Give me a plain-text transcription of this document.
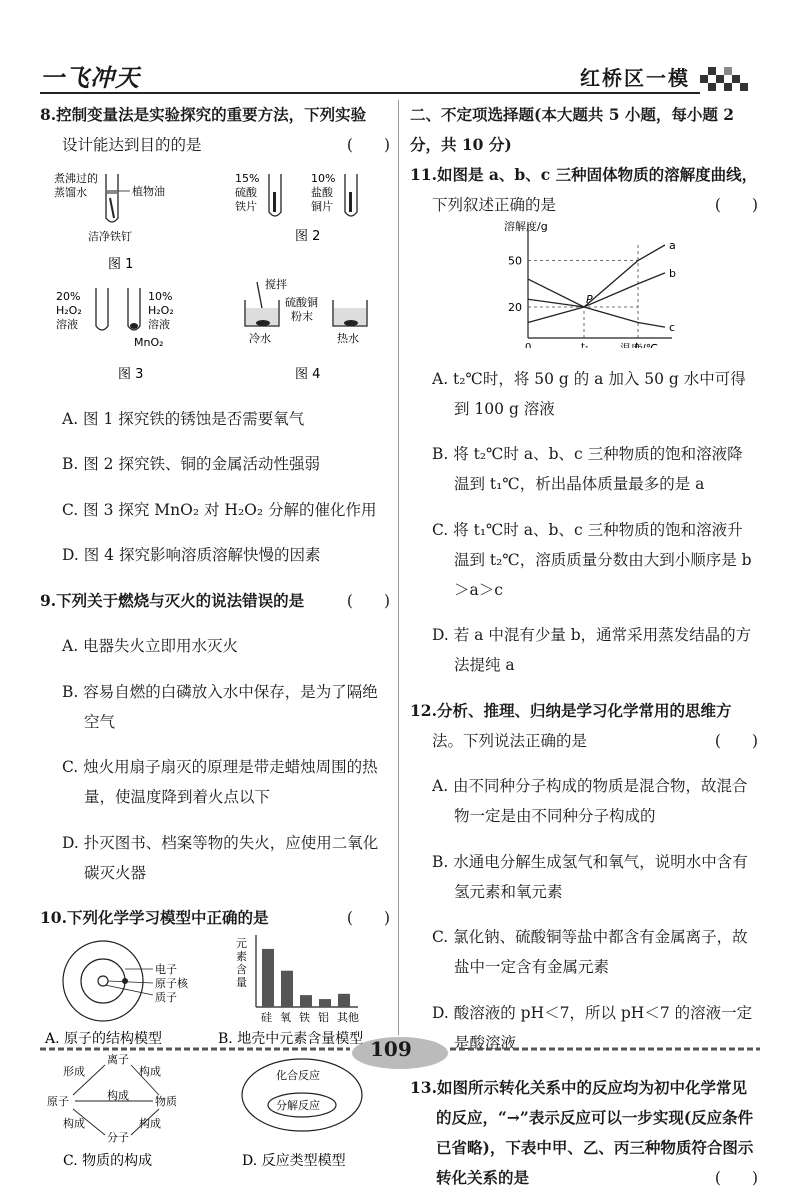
一飞冲天	红桥区一模

8.控制变量法是实验探究的重要方法，下列实验

设计能达到目的的是	(　　)

煮沸过的
蒸馏水	植物油
洁净铁钉
图 1
15%
硫酸
铁片
10%
盐酸
铜片
图 2
20%
H₂O₂
溶液
10%
H₂O₂
溶液
MnO₂
图 3
搅拌
硫酸铜
粉末
冷水	热水
图 4

A. 图 1 探究铁的锈蚀是否需要氧气

B. 图 2 探究铁、铜的金属活动性强弱

C. 图 3 探究 MnO₂ 对 H₂O₂ 分解的催化作用

D. 图 4 探究影响溶质溶解快慢的因素

9.下列关于燃烧与灭火的说法错误的是	(　　)

A. 电器失火立即用水灭火

B. 容易自燃的白磷放入水中保存，是为了隔绝空气

C. 烛火用扇子扇灭的原理是带走蜡烛周围的热量，使温度降到着火点以下

D. 扑灭图书、档案等物的失火，应使用二氧化碳灭火器

10.下列化学学习模型中正确的是	(　　)

电子
原子核
质子
A. 原子的结构模型
元
素
含
量
硅 氧 铁 铝 其他
B. 地壳中元素含量模型
离子
形成	构成
原子	构成 物质
构成	构成
分子
C. 物质的构成
化合反应
分解反应
D. 反应类型模型

二、不定项选择题(本大题共 5 小题，每小题 2

分，共 10 分)

11.如图是 a、b、c 三种固体物质的溶解度曲线，

下列叙述正确的是	(　　)

溶解度/g
20
50
0	t₁	t₂
a
b
c
P

A. t₂℃时，将 50 g 的 a 加入 50 g 水中可得到 100 g 溶液

B. 将 t₂℃时 a、b、c 三种物质的饱和溶液降温到 t₁℃，析出晶体质量最多的是 a

C. 将 t₁℃时 a、b、c 三种物质的饱和溶液升温到 t₂℃，溶质质量分数由大到小顺序是 b＞a＞c

D. 若 a 中混有少量 b，通常采用蒸发结晶的方法提纯 a

12.分析、推理、归纳是学习化学常用的思维方

法。下列说法正确的是	(　　)

A. 由不同种分子构成的物质是混合物，故混合物一定是由不同种分子构成的

B. 水通电分解生成氢气和氧气，说明水中含有氢元素和氧元素

C. 氯化钠、硫酸铜等盐中都含有金属离子，故盐中一定含有金属元素

D. 酸溶液的 pH＜7，所以 pH＜7 的溶液一定是酸溶液

13.如图所示转化关系中的反应均为初中化学常见的反应，“→”表示反应可以一步实现(反应条件已省略)，下表中甲、乙、丙三种物质符合图示转化关系的是	(　　)

109
